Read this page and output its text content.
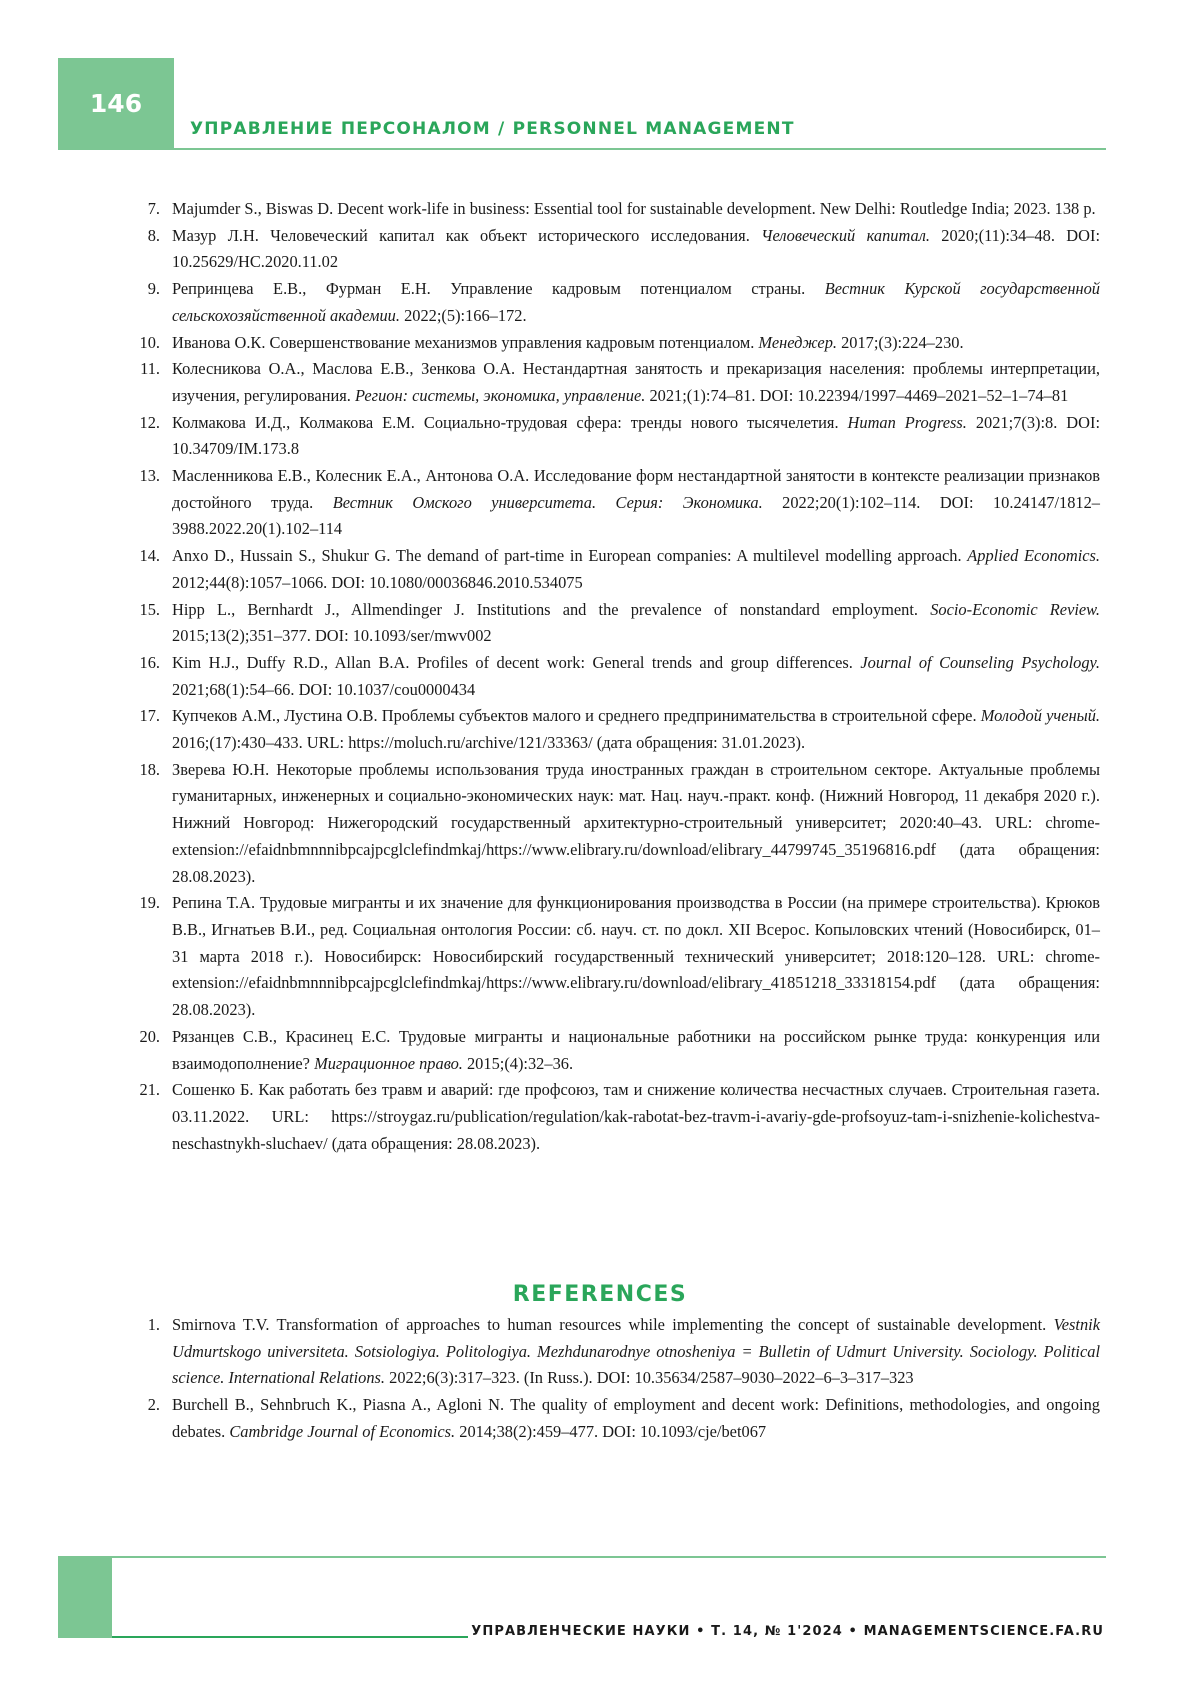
146
УПРАВЛЕНИЕ ПЕРСОНАЛОМ / PERSONNEL MANAGEMENT
7. Majumder S., Biswas D. Decent work-life in business: Essential tool for sustainable development. New Delhi: Routledge India; 2023. 138 p.
8. Мазур Л.Н. Человеческий капитал как объект исторического исследования. Человеческий капитал. 2020;(11):34–48. DOI: 10.25629/HC.2020.11.02
9. Репринцева Е.В., Фурман Е.Н. Управление кадровым потенциалом страны. Вестник Курской государственной сельскохозяйственной академии. 2022;(5):166–172.
10. Иванова О.К. Совершенствование механизмов управления кадровым потенциалом. Менеджер. 2017;(3):224–230.
11. Колесникова О.А., Маслова Е.В., Зенкова О.А. Нестандартная занятость и прекаризация населения: проблемы интерпретации, изучения, регулирования. Регион: системы, экономика, управление. 2021;(1):74–81. DOI: 10.22394/1997–4469–2021–52–1–74–81
12. Колмакова И.Д., Колмакова Е.М. Социально-трудовая сфера: тренды нового тысячелетия. Human Progress. 2021;7(3):8. DOI: 10.34709/IM.173.8
13. Масленникова Е.В., Колесник Е.А., Антонова О.А. Исследование форм нестандартной занятости в контексте реализации признаков достойного труда. Вестник Омского университета. Серия: Экономика. 2022;20(1):102–114. DOI: 10.24147/1812–3988.2022.20(1).102–114
14. Anxo D., Hussain S., Shukur G. The demand of part-time in European companies: A multilevel modelling approach. Applied Economics. 2012;44(8):1057–1066. DOI: 10.1080/00036846.2010.534075
15. Hipp L., Bernhardt J., Allmendinger J. Institutions and the prevalence of nonstandard employment. Socio-Economic Review. 2015;13(2);351–377. DOI: 10.1093/ser/mwv002
16. Kim H.J., Duffy R.D., Allan B.A. Profiles of decent work: General trends and group differences. Journal of Counseling Psychology. 2021;68(1):54–66. DOI: 10.1037/cou0000434
17. Купчеков А.М., Лустина О.В. Проблемы субъектов малого и среднего предпринимательства в строительной сфере. Молодой ученый. 2016;(17):430–433. URL: https://moluch.ru/archive/121/33363/ (дата обращения: 31.01.2023).
18. Зверева Ю.Н. Некоторые проблемы использования труда иностранных граждан в строительном секторе. Актуальные проблемы гуманитарных, инженерных и социально-экономических наук: мат. Нац. науч.-практ. конф. (Нижний Новгород, 11 декабря 2020 г.). Нижний Новгород: Нижегородский государственный архитектурно-строительный университет; 2020:40–43. URL: chrome-extension://efaidnbmnnnibpcajpcglclefindmkaj/https://www.elibrary.ru/download/elibrary_44799745_35196816.pdf (дата обращения: 28.08.2023).
19. Репина Т.А. Трудовые мигранты и их значение для функционирования производства в России (на примере строительства). Крюков В.В., Игнатьев В.И., ред. Социальная онтология России: сб. науч. ст. по докл. XII Всерос. Копыловских чтений (Новосибирск, 01–31 марта 2018 г.). Новосибирск: Новосибирский государственный технический университет; 2018:120–128. URL: chrome-extension://efaidnbmnnnibpcajpcglclefindmkaj/https://www.elibrary.ru/download/elibrary_41851218_33318154.pdf (дата обращения: 28.08.2023).
20. Рязанцев С.В., Красинец Е.С. Трудовые мигранты и национальные работники на российском рынке труда: конкуренция или взаимодополнение? Миграционное право. 2015;(4):32–36.
21. Сошенко Б. Как работать без травм и аварий: где профсоюз, там и снижение количества несчастных случаев. Строительная газета. 03.11.2022. URL: https://stroygaz.ru/publication/regulation/kak-rabotat-bez-travm-i-avariy-gde-profsoyuz-tam-i-snizhenie-kolichestva-neschastnykh-sluchaev/ (дата обращения: 28.08.2023).
REFERENCES
1. Smirnova T.V. Transformation of approaches to human resources while implementing the concept of sustainable development. Vestnik Udmurtskogo universiteta. Sotsiologiya. Politologiya. Mezhdunarodnye otnosheniya = Bulletin of Udmurt University. Sociology. Political science. International Relations. 2022;6(3):317–323. (In Russ.). DOI: 10.35634/2587–9030–2022–6–3–317–323
2. Burchell B., Sehnbruch K., Piasna A., Agloni N. The quality of employment and decent work: Definitions, methodologies, and ongoing debates. Cambridge Journal of Economics. 2014;38(2):459–477. DOI: 10.1093/cje/bet067
УПРАВЛЕНЧЕСКИЕ НАУКИ • Т. 14, № 1'2024 • MANAGEMENTSCIENCE.FA.RU
